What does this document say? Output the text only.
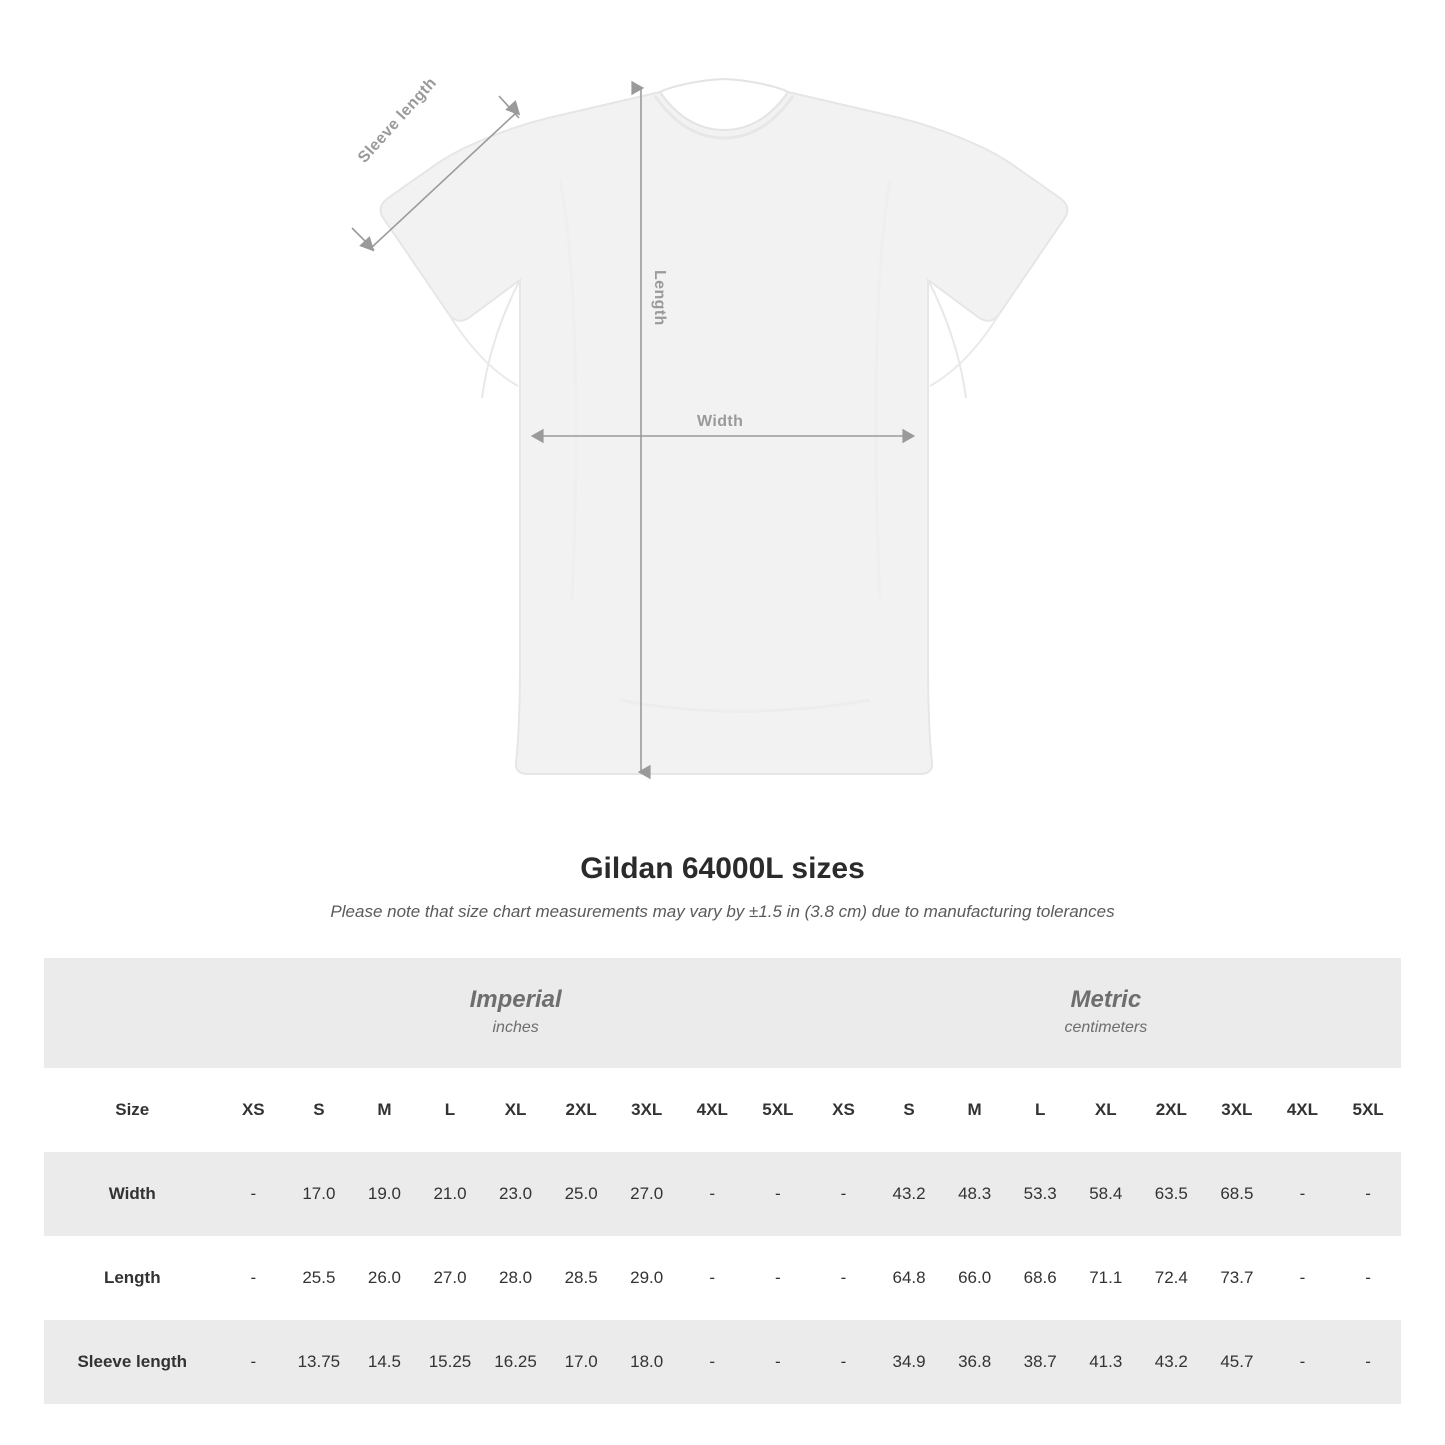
Sleeve length
Length
Width
Gildan 64000L sizes
Please note that size chart measurements may vary by ±1.5 in (3.8 cm) due to manufacturing tolerances

Imperial
inches

Metric
centimeters

Size	XS	S	M	L	XL	2XL	3XL	4XL	5XL	XS	S	M	L	XL	2XL	3XL	4XL	5XL
Width	-	17.0	19.0	21.0	23.0	25.0	27.0	-	-	-	43.2	48.3	53.3	58.4	63.5	68.5	-	-
Length	-	25.5	26.0	27.0	28.0	28.5	29.0	-	-	-	64.8	66.0	68.6	71.1	72.4	73.7	-	-
Sleeve length	-	13.75	14.5	15.25	16.25	17.0	18.0	-	-	-	34.9	36.8	38.7	41.3	43.2	45.7	-	-
